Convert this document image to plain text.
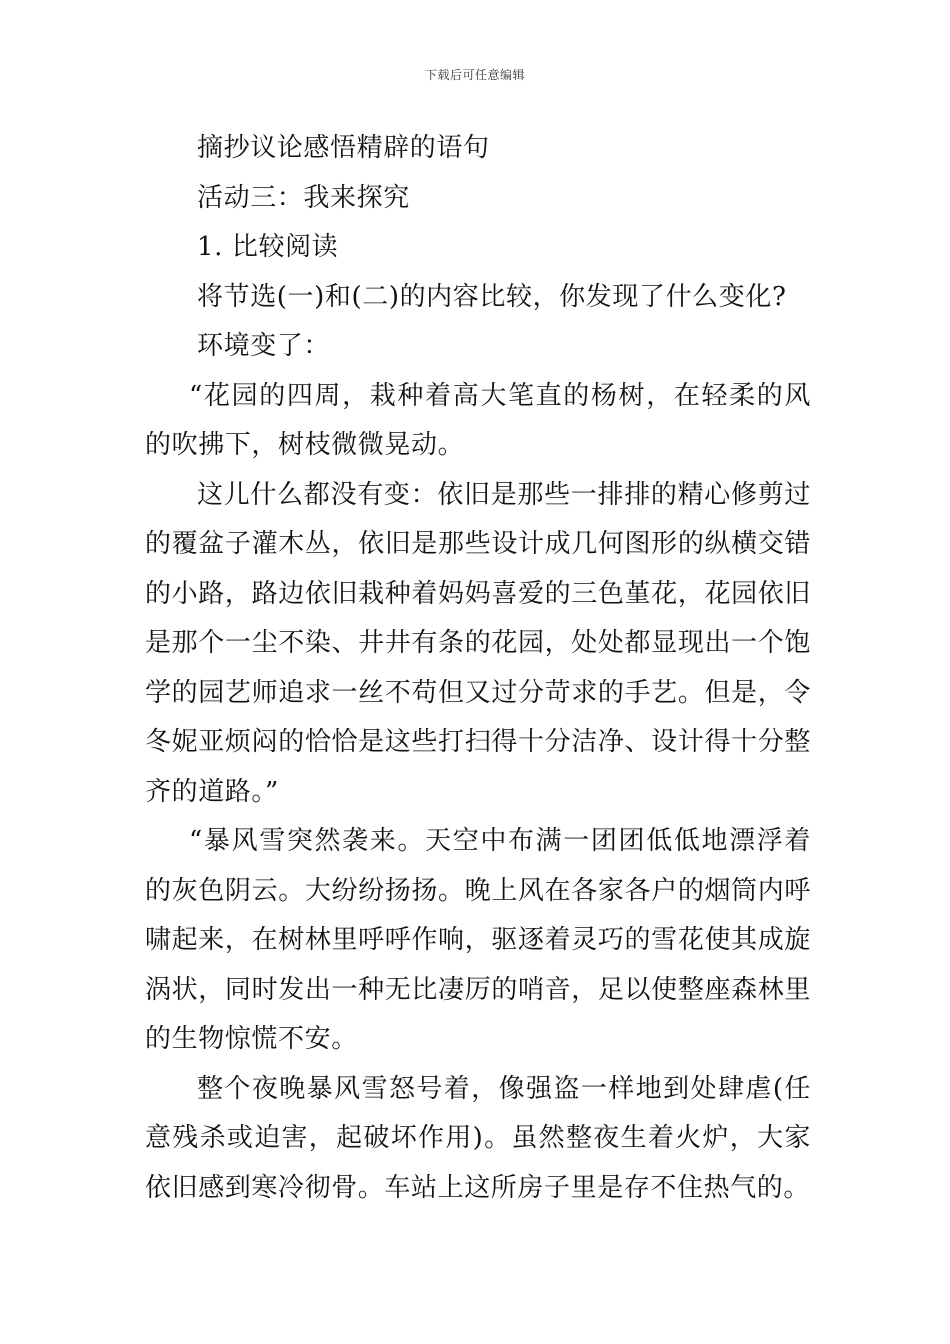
下载后可任意编辑

摘抄议论感悟精辟的语句

活动三：我来探究

1. 比较阅读

将节选(一)和(二)的内容比较，你发现了什么变化?

环境变了：

“花园的四周，栽种着高大笔直的杨树，在轻柔的风的吹拂下，树枝微微晃动。

这儿什么都没有变：依旧是那些一排排的精心修剪过的覆盆子灌木丛，依旧是那些设计成几何图形的纵横交错的小路，路边依旧栽种着妈妈喜爱的三色堇花，花园依旧是那个一尘不染、井井有条的花园，处处都显现出一个饱学的园艺师追求一丝不苟但又过分苛求的手艺。但是，令冬妮亚烦闷的恰恰是这些打扫得十分洁净、设计得十分整齐的道路。”

“暴风雪突然袭来。天空中布满一团团低低地漂浮着的灰色阴云。大纷纷扬扬。晚上风在各家各户的烟筒内呼啸起来，在树林里呼呼作响，驱逐着灵巧的雪花使其成旋涡状，同时发出一种无比凄厉的哨音，足以使整座森林里的生物惊慌不安。

整个夜晚暴风雪怒号着，像强盗一样地到处肆虐(任意残杀或迫害，起破坏作用)。虽然整夜生着火炉，大家依旧感到寒冷彻骨。车站上这所房子里是存不住热气的。
